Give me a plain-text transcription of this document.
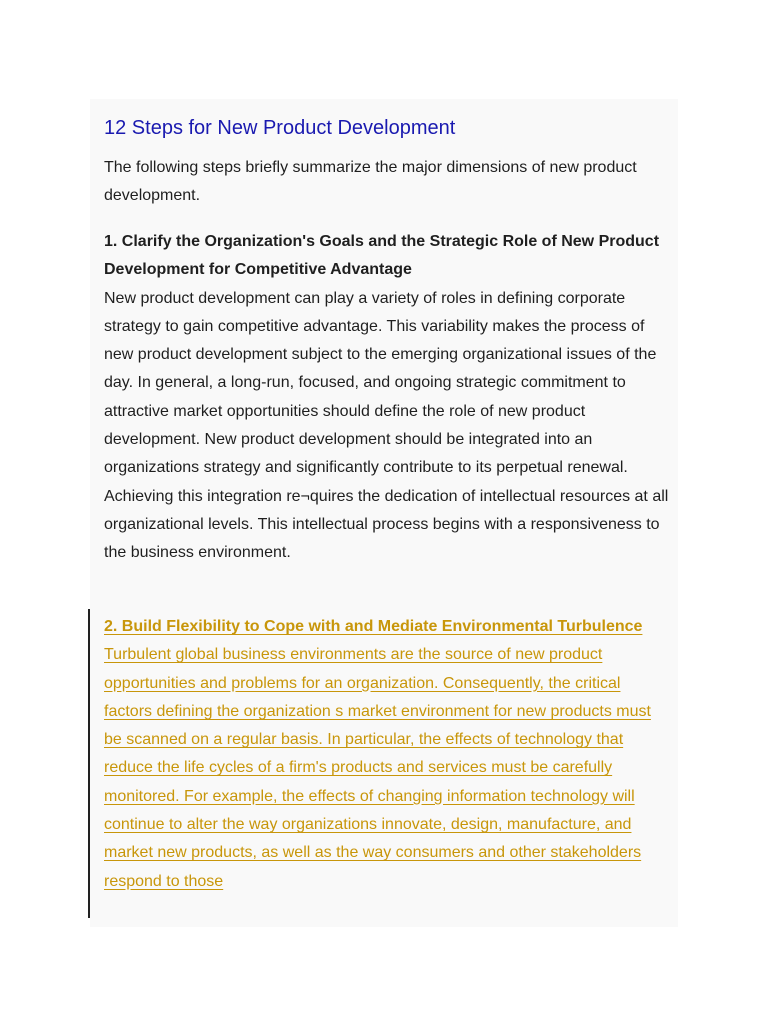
12 Steps for New Product Development

The following steps briefly summarize the major dimensions of new product development.

1. Clarify the Organization's Goals and the Strategic Role of New Product Development for Competitive Advantage
New product development can play a variety of roles in defining corporate strategy to gain competitive advantage. This variability makes the process of new product development subject to the emerging organizational issues of the day. In general, a long-run, focused, and ongoing strategic commitment to attractive market opportunities should define the role of new product development. New product development should be integrated into an organizations strategy and significantly contribute to its perpetual renewal. Achieving this integration re¬quires the dedication of intellectual resources at all organizational levels. This intellectual process begins with a responsiveness to the business environment.
2. Build Flexibility to Cope with and Mediate Environmental Turbulence
Turbulent global business environments are the source of new product opportunities and problems for an organization. Consequently, the critical factors defining the organization s market environment for new products must be scanned on a regular basis. In particular, the effects of technology that reduce the life cycles of a firm's products and services must be carefully monitored. For example, the effects of changing information technology will continue to alter the way organizations innovate, design, manufacture, and market new products, as well as the way consumers and other stakeholders respond to those
